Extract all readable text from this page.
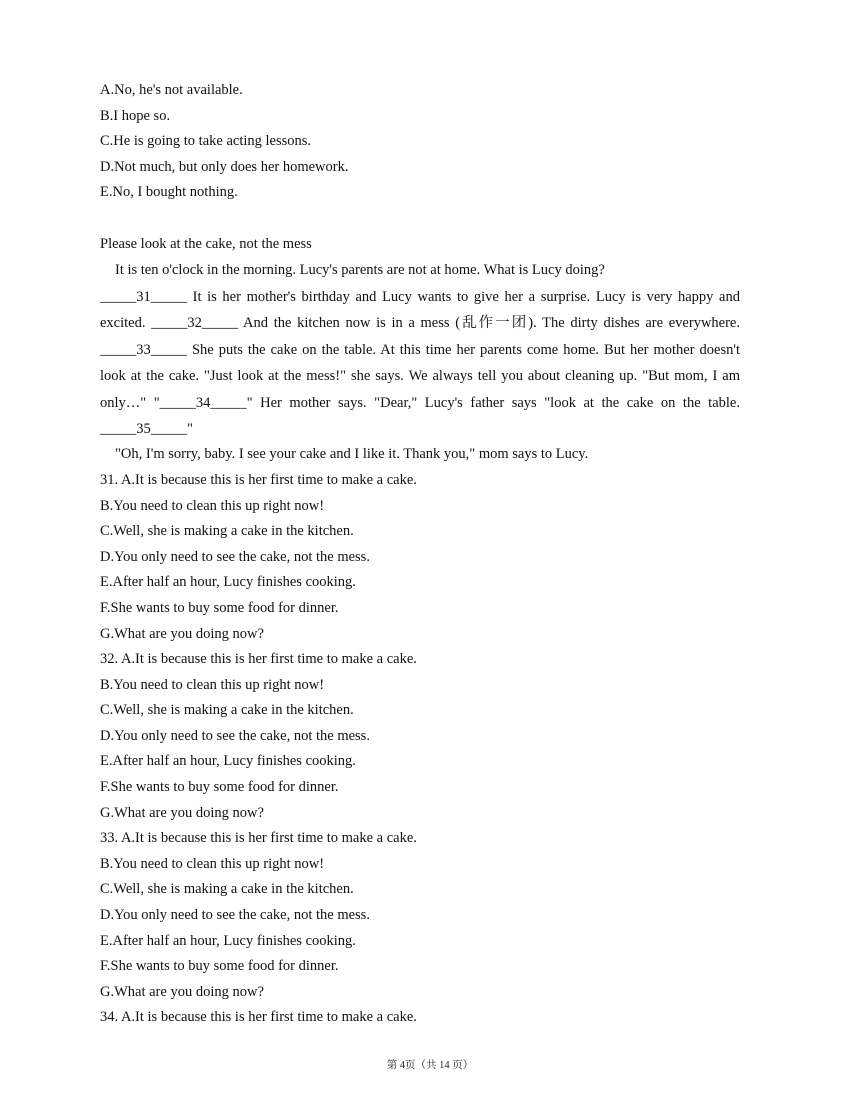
A.No, he's not available.
B.I hope so.
C.He is going to take acting lessons.
D.Not much, but only does her homework.
E.No, I bought nothing.
Please look at the cake, not the mess
It is ten o'clock in the morning. Lucy's parents are not at home. What is Lucy doing?
_____31_____ It is her mother's birthday and Lucy wants to give her a surprise. Lucy is very happy and
excited. _____32_____ And the kitchen now is in a mess (乱作一团). The dirty dishes are everywhere.
_____33_____ She puts the cake on the table. At this time her parents come home. But her mother doesn't
look at the cake. "Just look at the mess!" she says. We always tell you about cleaning up. "But mom, I am
only…" "_____34_____" Her mother says. "Dear," Lucy's father says "look at the cake on the table.
_____35_____"
"Oh, I'm sorry, baby. I see your cake and I like it. Thank you," mom says to Lucy.
31. A.It is because this is her first time to make a cake.
B.You need to clean this up right now!
C.Well, she is making a cake in the kitchen.
D.You only need to see the cake, not the mess.
E.After half an hour, Lucy finishes cooking.
F.She wants to buy some food for dinner.
G.What are you doing now?
32. A.It is because this is her first time to make a cake.
B.You need to clean this up right now!
C.Well, she is making a cake in the kitchen.
D.You only need to see the cake, not the mess.
E.After half an hour, Lucy finishes cooking.
F.She wants to buy some food for dinner.
G.What are you doing now?
33. A.It is because this is her first time to make a cake.
B.You need to clean this up right now!
C.Well, she is making a cake in the kitchen.
D.You only need to see the cake, not the mess.
E.After half an hour, Lucy finishes cooking.
F.She wants to buy some food for dinner.
G.What are you doing now?
34. A.It is because this is her first time to make a cake.
第 4页（共 14 页）
